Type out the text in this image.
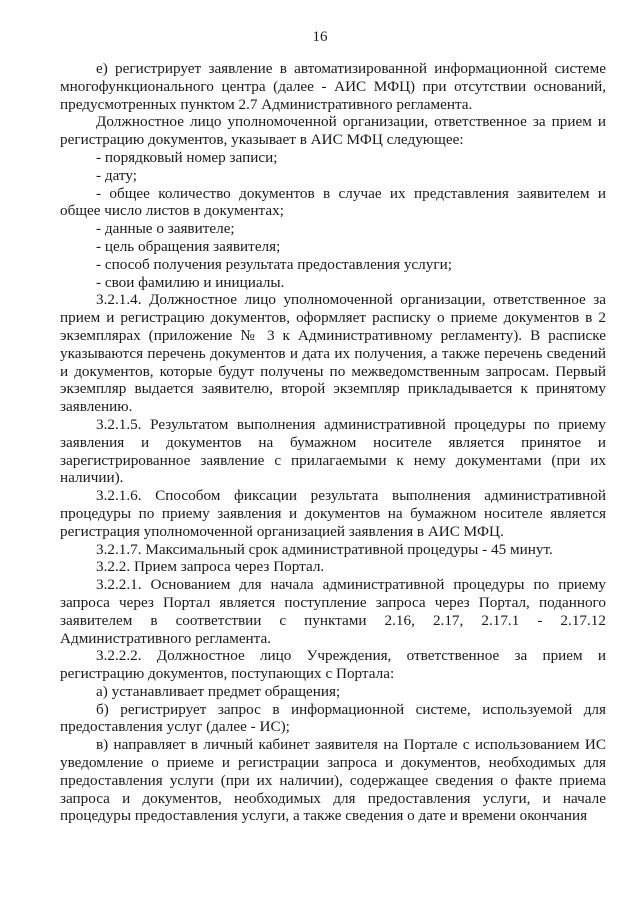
16

е) регистрирует заявление в автоматизированной информационной системе многофункционального центра (далее - АИС МФЦ) при отсутствии оснований, предусмотренных пунктом 2.7 Административного регламента.

Должностное лицо уполномоченной организации, ответственное за прием и регистрацию документов, указывает в АИС МФЦ следующее:

- порядковый номер записи;

- дату;

- общее количество документов в случае их представления заявителем и общее число листов в документах;

- данные о заявителе;

- цель обращения заявителя;

- способ получения результата предоставления услуги;

- свои фамилию и инициалы.

3.2.1.4. Должностное лицо уполномоченной организации, ответственное за прием и регистрацию документов, оформляет расписку о приеме документов в 2 экземплярах (приложение № 3 к Административному регламенту). В расписке указываются перечень документов и дата их получения, а также перечень сведений и документов, которые будут получены по межведомственным запросам. Первый экземпляр выдается заявителю, второй экземпляр прикладывается к принятому заявлению.

3.2.1.5. Результатом выполнения административной процедуры по приему заявления и документов на бумажном носителе является принятое и зарегистрированное заявление с прилагаемыми к нему документами (при их наличии).

3.2.1.6. Способом фиксации результата выполнения административной процедуры по приему заявления и документов на бумажном носителе является регистрация уполномоченной организацией заявления в АИС МФЦ.

3.2.1.7. Максимальный срок административной процедуры - 45 минут.

3.2.2. Прием запроса через Портал.

3.2.2.1. Основанием для начала административной процедуры по приему запроса через Портал является поступление запроса через Портал, поданного заявителем в соответствии с пунктами 2.16, 2.17, 2.17.1 - 2.17.12 Административного регламента.

3.2.2.2. Должностное лицо Учреждения, ответственное за прием и регистрацию документов, поступающих с Портала:

а) устанавливает предмет обращения;

б) регистрирует запрос в информационной системе, используемой для предоставления услуг (далее - ИС);

в) направляет в личный кабинет заявителя на Портале с использованием ИС уведомление о приеме и регистрации запроса и документов, необходимых для предоставления услуги (при их наличии), содержащее сведения о факте приема запроса и документов, необходимых для предоставления услуги, и начале процедуры предоставления услуги, а также сведения о дате и времени окончания
